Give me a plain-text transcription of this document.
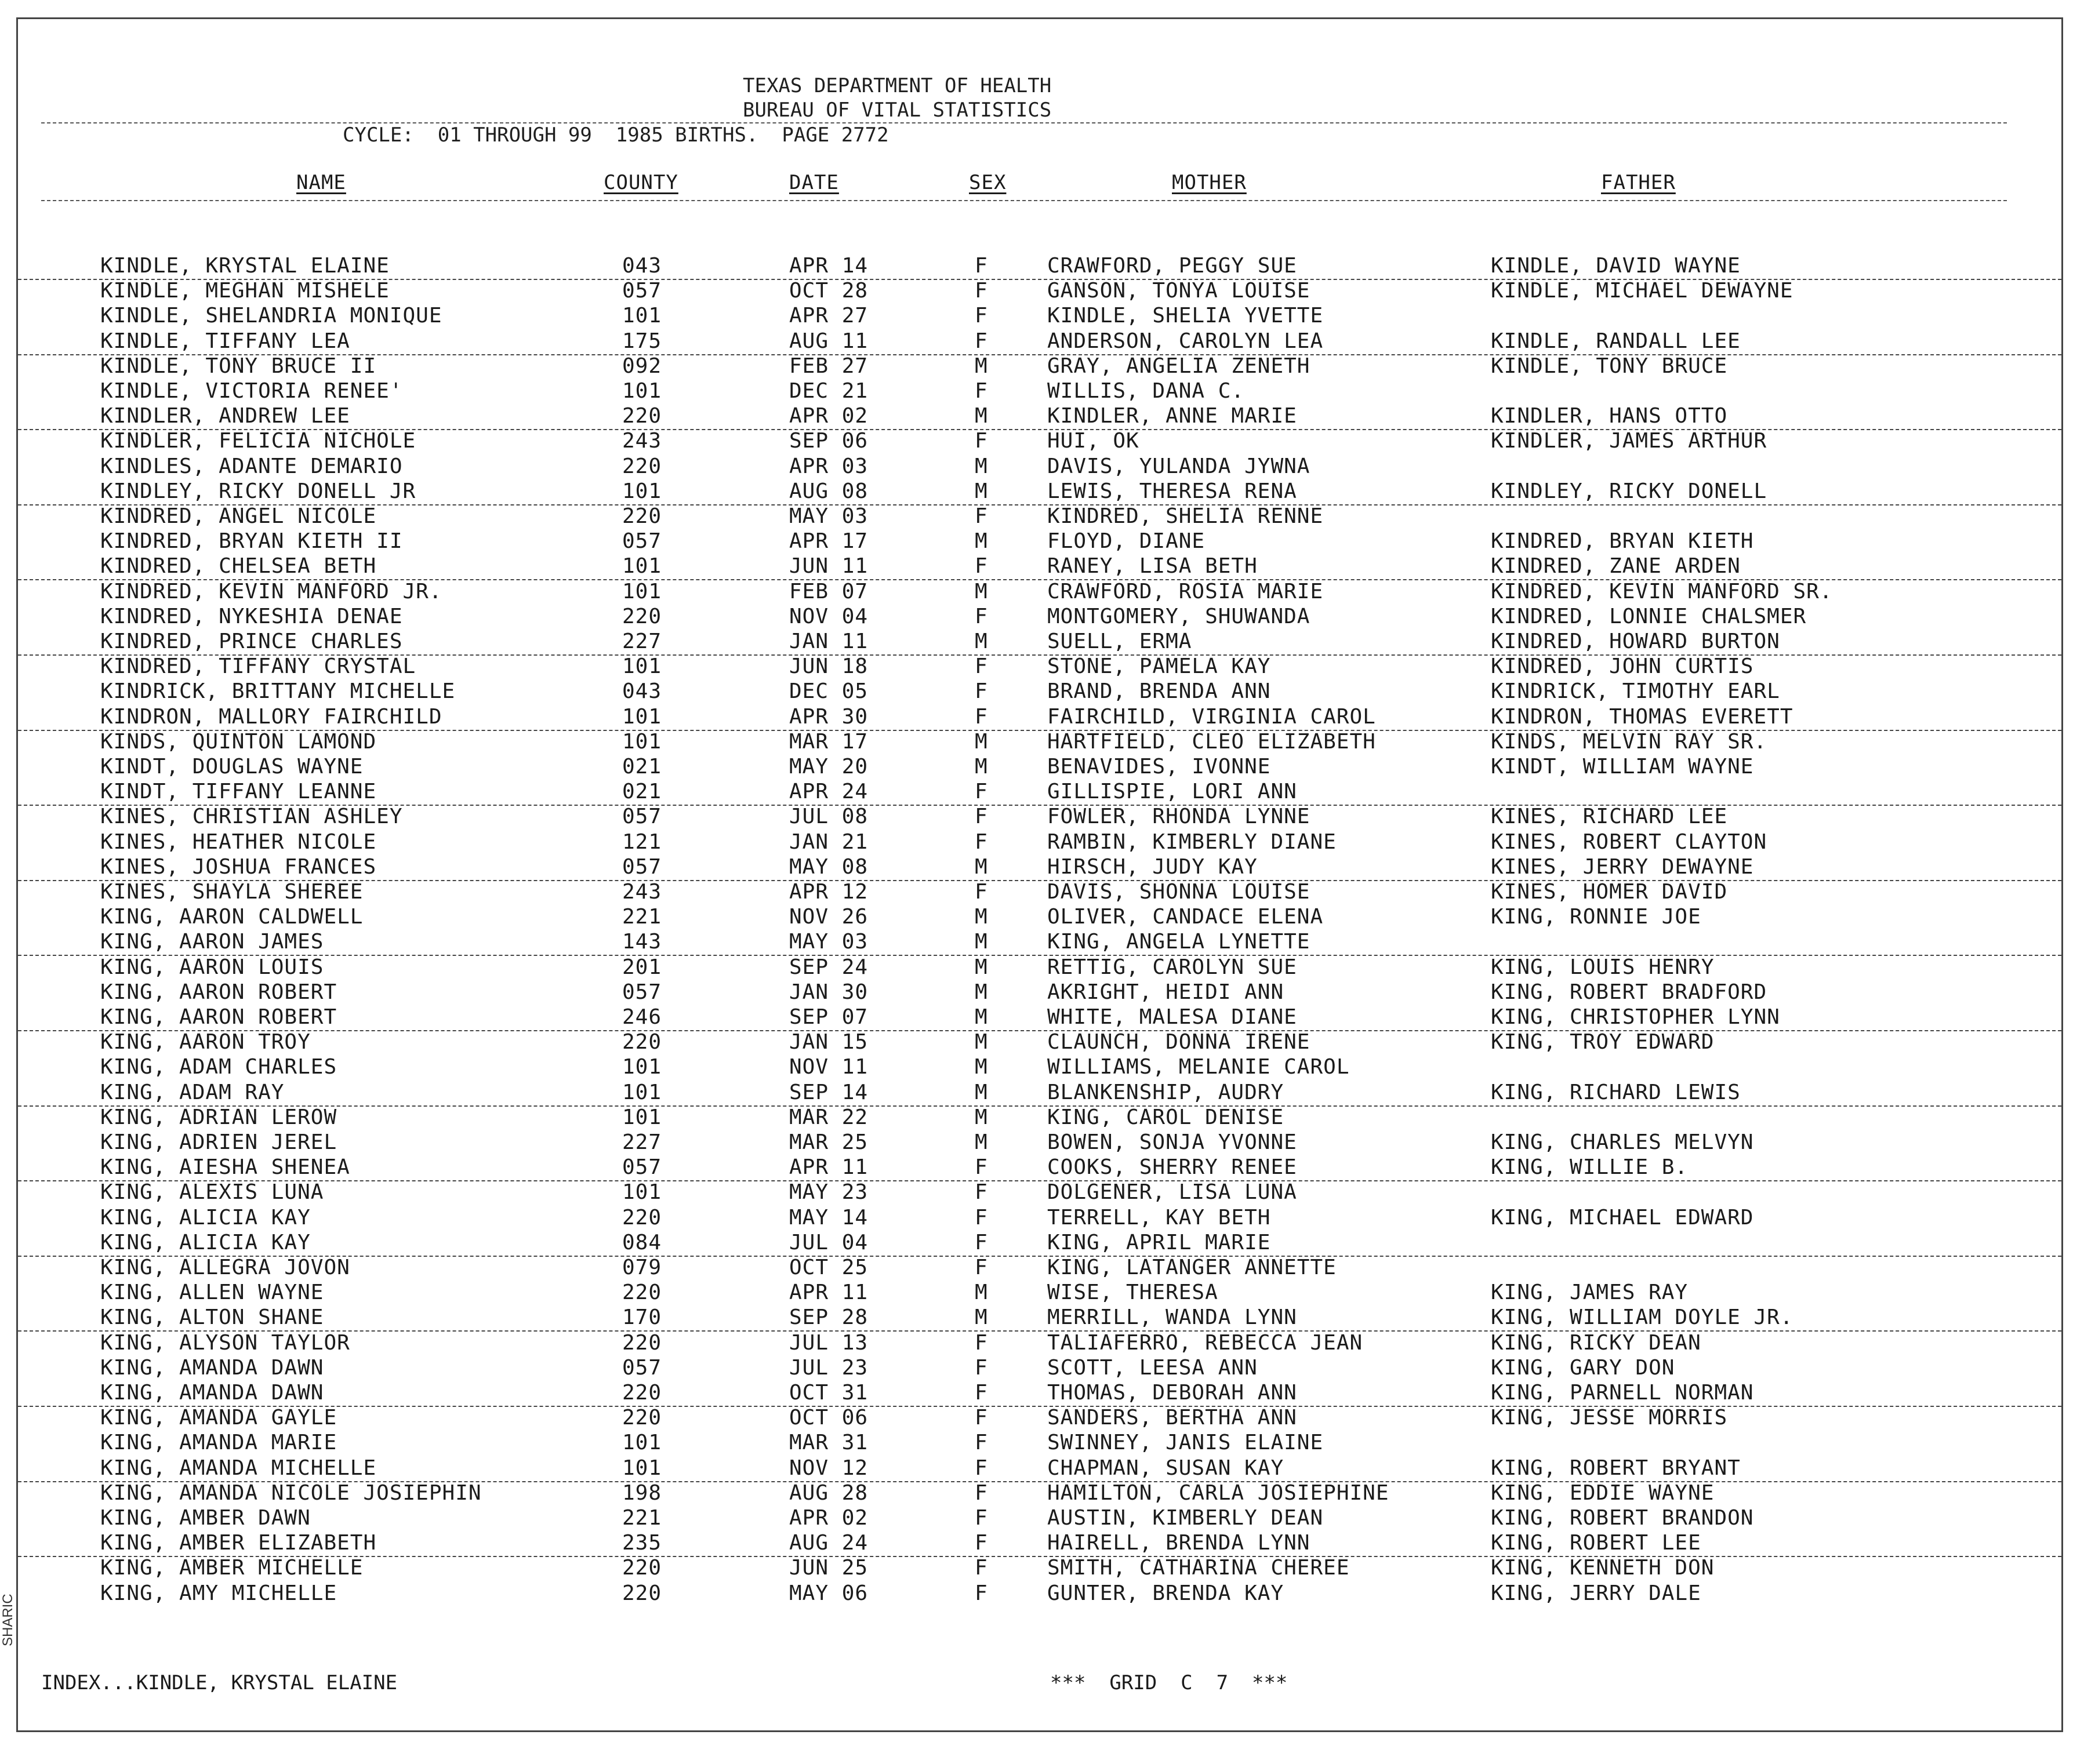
TEXAS DEPARTMENT OF HEALTH
BUREAU OF VITAL STATISTICS
CYCLE:  01 THROUGH 99  1985 BIRTHS.  PAGE 2772
NAME	COUNTY	DATE	SEX	MOTHER	FATHER
KINDLE, KRYSTAL ELAINE	043	APR 14	F	CRAWFORD, PEGGY SUE	KINDLE, DAVID WAYNE
KINDLE, MEGHAN MISHELE	057	OCT 28	F	GANSON, TONYA LOUISE	KINDLE, MICHAEL DEWAYNE
KINDLE, SHELANDRIA MONIQUE	101	APR 27	F	KINDLE, SHELIA YVETTE
KINDLE, TIFFANY LEA	175	AUG 11	F	ANDERSON, CAROLYN LEA	KINDLE, RANDALL LEE
KINDLE, TONY BRUCE II	092	FEB 27	M	GRAY, ANGELIA ZENETH	KINDLE, TONY BRUCE
KINDLE, VICTORIA RENEE'	101	DEC 21	F	WILLIS, DANA C.
KINDLER, ANDREW LEE	220	APR 02	M	KINDLER, ANNE MARIE	KINDLER, HANS OTTO
KINDLER, FELICIA NICHOLE	243	SEP 06	F	HUI, OK	KINDLER, JAMES ARTHUR
KINDLES, ADANTE DEMARIO	220	APR 03	M	DAVIS, YULANDA JYWNA
KINDLEY, RICKY DONELL JR	101	AUG 08	M	LEWIS, THERESA RENA	KINDLEY, RICKY DONELL
KINDRED, ANGEL NICOLE	220	MAY 03	F	KINDRED, SHELIA RENNE
KINDRED, BRYAN KIETH II	057	APR 17	M	FLOYD, DIANE	KINDRED, BRYAN KIETH
KINDRED, CHELSEA BETH	101	JUN 11	F	RANEY, LISA BETH	KINDRED, ZANE ARDEN
KINDRED, KEVIN MANFORD JR.	101	FEB 07	M	CRAWFORD, ROSIA MARIE	KINDRED, KEVIN MANFORD SR.
KINDRED, NYKESHIA DENAE	220	NOV 04	F	MONTGOMERY, SHUWANDA	KINDRED, LONNIE CHALSMER
KINDRED, PRINCE CHARLES	227	JAN 11	M	SUELL, ERMA	KINDRED, HOWARD BURTON
KINDRED, TIFFANY CRYSTAL	101	JUN 18	F	STONE, PAMELA KAY	KINDRED, JOHN CURTIS
KINDRICK, BRITTANY MICHELLE	043	DEC 05	F	BRAND, BRENDA ANN	KINDRICK, TIMOTHY EARL
KINDRON, MALLORY FAIRCHILD	101	APR 30	F	FAIRCHILD, VIRGINIA CAROL	KINDRON, THOMAS EVERETT
KINDS, QUINTON LAMOND	101	MAR 17	M	HARTFIELD, CLEO ELIZABETH	KINDS, MELVIN RAY SR.
KINDT, DOUGLAS WAYNE	021	MAY 20	M	BENAVIDES, IVONNE	KINDT, WILLIAM WAYNE
KINDT, TIFFANY LEANNE	021	APR 24	F	GILLISPIE, LORI ANN
KINES, CHRISTIAN ASHLEY	057	JUL 08	F	FOWLER, RHONDA LYNNE	KINES, RICHARD LEE
KINES, HEATHER NICOLE	121	JAN 21	F	RAMBIN, KIMBERLY DIANE	KINES, ROBERT CLAYTON
KINES, JOSHUA FRANCES	057	MAY 08	M	HIRSCH, JUDY KAY	KINES, JERRY DEWAYNE
KINES, SHAYLA SHEREE	243	APR 12	F	DAVIS, SHONNA LOUISE	KINES, HOMER DAVID
KING, AARON CALDWELL	221	NOV 26	M	OLIVER, CANDACE ELENA	KING, RONNIE JOE
KING, AARON JAMES	143	MAY 03	M	KING, ANGELA LYNETTE
KING, AARON LOUIS	201	SEP 24	M	RETTIG, CAROLYN SUE	KING, LOUIS HENRY
KING, AARON ROBERT	057	JAN 30	M	AKRIGHT, HEIDI ANN	KING, ROBERT BRADFORD
KING, AARON ROBERT	246	SEP 07	M	WHITE, MALESA DIANE	KING, CHRISTOPHER LYNN
KING, AARON TROY	220	JAN 15	M	CLAUNCH, DONNA IRENE	KING, TROY EDWARD
KING, ADAM CHARLES	101	NOV 11	M	WILLIAMS, MELANIE CAROL
KING, ADAM RAY	101	SEP 14	M	BLANKENSHIP, AUDRY	KING, RICHARD LEWIS
KING, ADRIAN LEROW	101	MAR 22	M	KING, CAROL DENISE
KING, ADRIEN JEREL	227	MAR 25	M	BOWEN, SONJA YVONNE	KING, CHARLES MELVYN
KING, AIESHA SHENEA	057	APR 11	F	COOKS, SHERRY RENEE	KING, WILLIE B.
KING, ALEXIS LUNA	101	MAY 23	F	DOLGENER, LISA LUNA
KING, ALICIA KAY	220	MAY 14	F	TERRELL, KAY BETH	KING, MICHAEL EDWARD
KING, ALICIA KAY	084	JUL 04	F	KING, APRIL MARIE
KING, ALLEGRA JOVON	079	OCT 25	F	KING, LATANGER ANNETTE
KING, ALLEN WAYNE	220	APR 11	M	WISE, THERESA	KING, JAMES RAY
KING, ALTON SHANE	170	SEP 28	M	MERRILL, WANDA LYNN	KING, WILLIAM DOYLE JR.
KING, ALYSON TAYLOR	220	JUL 13	F	TALIAFERRO, REBECCA JEAN	KING, RICKY DEAN
KING, AMANDA DAWN	057	JUL 23	F	SCOTT, LEESA ANN	KING, GARY DON
KING, AMANDA DAWN	220	OCT 31	F	THOMAS, DEBORAH ANN	KING, PARNELL NORMAN
KING, AMANDA GAYLE	220	OCT 06	F	SANDERS, BERTHA ANN	KING, JESSE MORRIS
KING, AMANDA MARIE	101	MAR 31	F	SWINNEY, JANIS ELAINE
KING, AMANDA MICHELLE	101	NOV 12	F	CHAPMAN, SUSAN KAY	KING, ROBERT BRYANT
KING, AMANDA NICOLE JOSIEPHIN	198	AUG 28	F	HAMILTON, CARLA JOSIEPHINE	KING, EDDIE WAYNE
KING, AMBER DAWN	221	APR 02	F	AUSTIN, KIMBERLY DEAN	KING, ROBERT BRANDON
KING, AMBER ELIZABETH	235	AUG 24	F	HAIRELL, BRENDA LYNN	KING, ROBERT LEE
KING, AMBER MICHELLE	220	JUN 25	F	SMITH, CATHARINA CHEREE	KING, KENNETH DON
KING, AMY MICHELLE	220	MAY 06	F	GUNTER, BRENDA KAY	KING, JERRY DALE

INDEX...KINDLE, KRYSTAL ELAINE

	***  GRID  C  7  ***

SHARIC
